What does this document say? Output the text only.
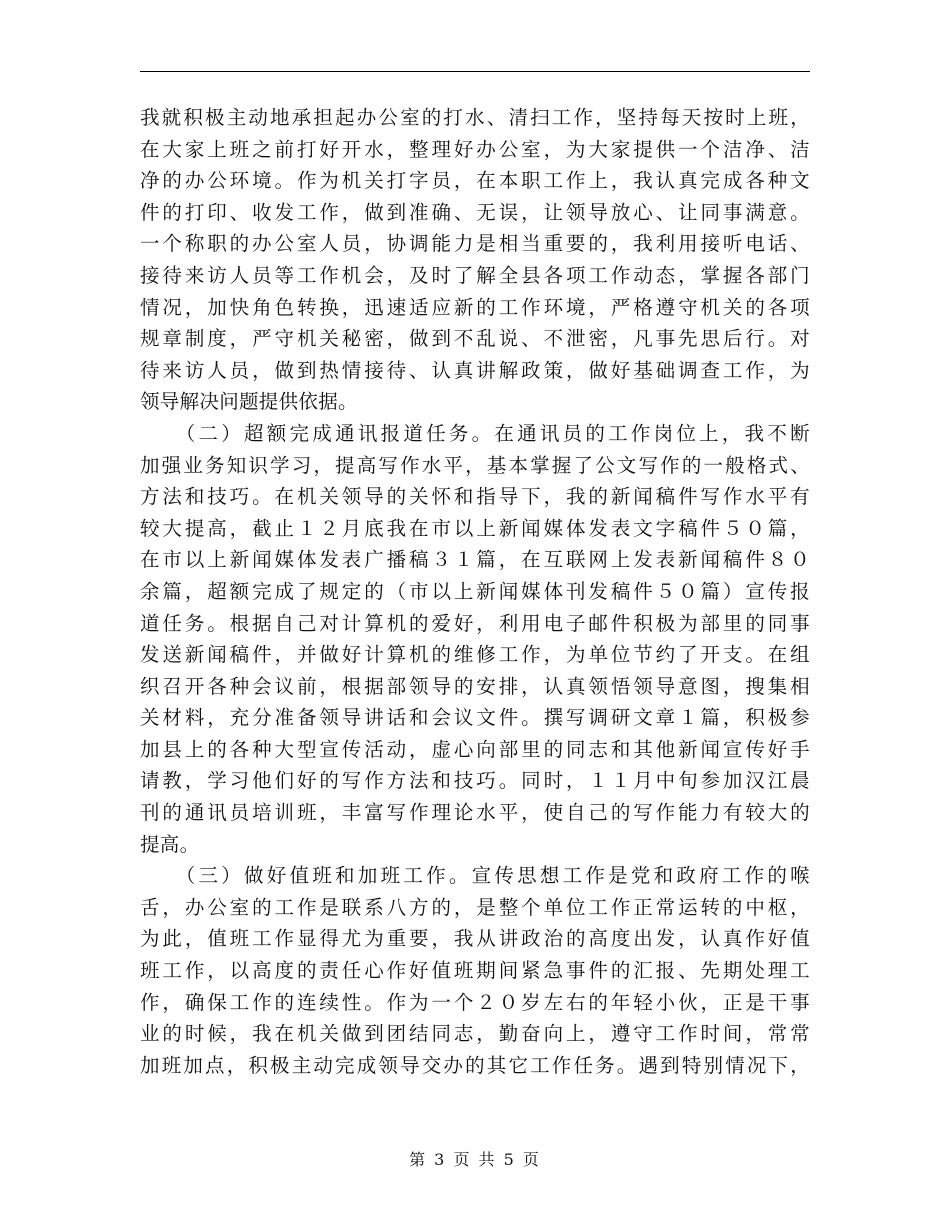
我就积极主动地承担起办公室的打水、清扫工作，坚持每天按时上班，
在大家上班之前打好开水，整理好办公室，为大家提供一个洁净、洁
净的办公环境。作为机关打字员，在本职工作上，我认真完成各种文
件的打印、收发工作，做到准确、无误，让领导放心、让同事满意。
一个称职的办公室人员，协调能力是相当重要的，我利用接听电话、
接待来访人员等工作机会，及时了解全县各项工作动态，掌握各部门
情况，加快角色转换，迅速适应新的工作环境，严格遵守机关的各项
规章制度，严守机关秘密，做到不乱说、不泄密，凡事先思后行。对
待来访人员，做到热情接待、认真讲解政策，做好基础调查工作，为
领导解决问题提供依据。
　　（二）超额完成通讯报道任务。在通讯员的工作岗位上，我不断
加强业务知识学习，提高写作水平，基本掌握了公文写作的一般格式、
方法和技巧。在机关领导的关怀和指导下，我的新闻稿件写作水平有
较大提高，截止１２月底我在市以上新闻媒体发表文字稿件５０篇，
在市以上新闻媒体发表广播稿３１篇，在互联网上发表新闻稿件８０
余篇，超额完成了规定的（市以上新闻媒体刊发稿件５０篇）宣传报
道任务。根据自己对计算机的爱好，利用电子邮件积极为部里的同事
发送新闻稿件，并做好计算机的维修工作，为单位节约了开支。在组
织召开各种会议前，根据部领导的安排，认真领悟领导意图，搜集相
关材料，充分准备领导讲话和会议文件。撰写调研文章１篇，积极参
加县上的各种大型宣传活动，虚心向部里的同志和其他新闻宣传好手
请教，学习他们好的写作方法和技巧。同时，１１月中旬参加汉江晨
刊的通讯员培训班，丰富写作理论水平，使自己的写作能力有较大的
提高。
　　（三）做好值班和加班工作。宣传思想工作是党和政府工作的喉
舌，办公室的工作是联系八方的，是整个单位工作正常运转的中枢，
为此，值班工作显得尤为重要，我从讲政治的高度出发，认真作好值
班工作，以高度的责任心作好值班期间紧急事件的汇报、先期处理工
作，确保工作的连续性。作为一个２０岁左右的年轻小伙，正是干事
业的时候，我在机关做到团结同志，勤奋向上，遵守工作时间，常常
加班加点，积极主动完成领导交办的其它工作任务。遇到特别情况下，
第 3 页 共 5 页
